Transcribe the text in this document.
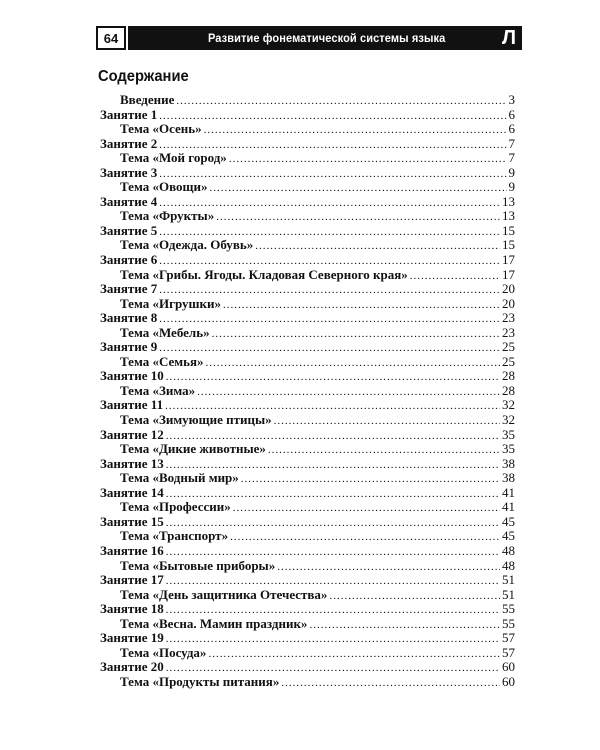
64	Развитие фонематической системы языка	Л
Содержание
Введение .....	3
Занятие 1 .....	6
Тема «Осень» .....	6
Занятие 2 .....	7
Тема «Мой город» .....	7
Занятие 3 .....	9
Тема «Овощи» .....	9
Занятие 4 .....	13
Тема «Фрукты» .....	13
Занятие 5 .....	15
Тема «Одежда. Обувь» .....	15
Занятие 6 .....	17
Тема «Грибы. Ягоды. Кладовая Северного края» .....	17
Занятие 7 .....	20
Тема «Игрушки» .....	20
Занятие 8 .....	23
Тема «Мебель» .....	23
Занятие 9 .....	25
Тема «Семья» .....	25
Занятие 10 .....	28
Тема «Зима» .....	28
Занятие 11 .....	32
Тема «Зимующие птицы» .....	32
Занятие 12 .....	35
Тема «Дикие животные» .....	35
Занятие 13 .....	38
Тема «Водный мир» .....	38
Занятие 14 .....	41
Тема «Профессии» .....	41
Занятие 15 .....	45
Тема «Транспорт» .....	45
Занятие 16 .....	48
Тема «Бытовые приборы» .....	48
Занятие 17 .....	51
Тема «День защитника Отечества» .....	51
Занятие 18 .....	55
Тема «Весна. Мамин праздник» .....	55
Занятие 19 .....	57
Тема «Посуда» .....	57
Занятие 20 .....	60
Тема «Продукты питания» .....	60
